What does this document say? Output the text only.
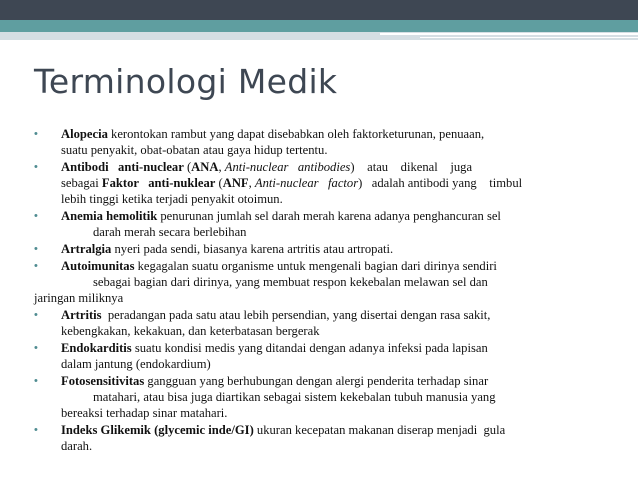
Terminologi Medik
• Alopecia kerontokan rambut yang dapat disebabkan oleh faktorketurunan, penuaan,
suatu penyakit, obat-obatan atau gaya hidup tertentu.
• Antibodi   anti-nuclear (ANA, Anti-nuclear   antibodies)    atau    dikenal    juga
sebagai Faktor   anti-nuklear (ANF, Anti-nuclear   factor)   adalah antibodi yang    timbul
lebih tinggi ketika terjadi penyakit otoimun.
• Anemia hemolitik penurunan jumlah sel darah merah karena adanya penghancuran sel
darah merah secara berlebihan
• Artralgia nyeri pada sendi, biasanya karena artritis atau artropati.
• Autoimunitas kegagalan suatu organisme untuk mengenali bagian dari dirinya sendiri
sebagai bagian dari dirinya, yang membuat respon kekebalan melawan sel dan
jaringan miliknya
• Artritis  peradangan pada satu atau lebih persendian, yang disertai dengan rasa sakit,
kebengkakan, kekakuan, dan keterbatasan bergerak
• Endokarditis suatu kondisi medis yang ditandai dengan adanya infeksi pada lapisan
dalam jantung (endokardium)
• Fotosensitivitas gangguan yang berhubungan dengan alergi penderita terhadap sinar
matahari, atau bisa juga diartikan sebagai sistem kekebalan tubuh manusia yang
bereaksi terhadap sinar matahari.
• Indeks Glikemik (glycemic inde/GI) ukuran kecepatan makanan diserap menjadi  gula
darah.
